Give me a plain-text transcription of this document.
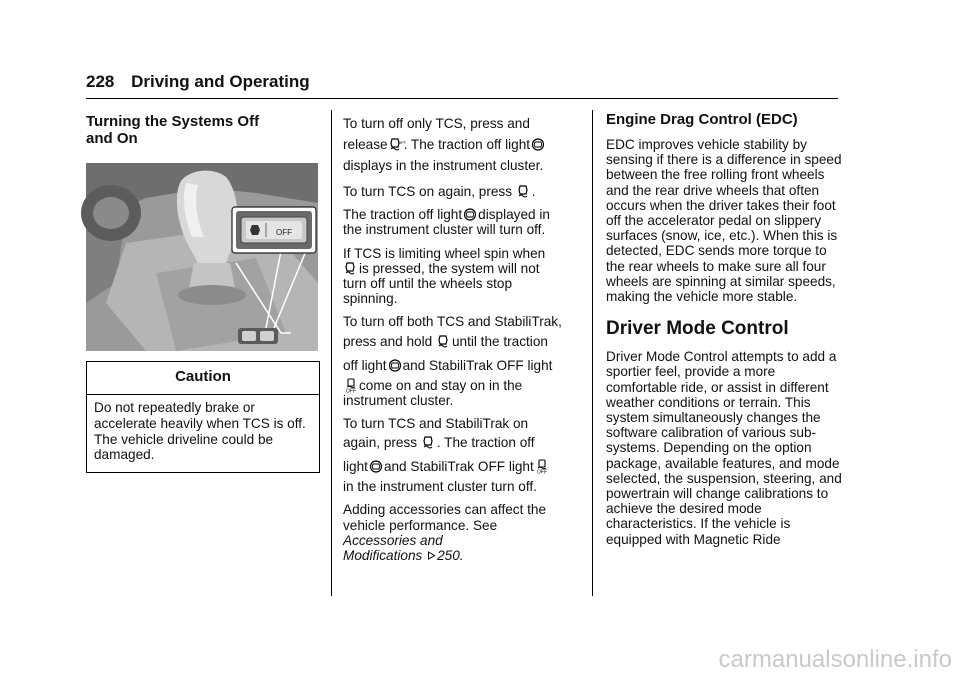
228 Driving and Operating
Turning the Systems Off
and On
OFF
Caution
Do not repeatedly brake or accelerate heavily when TCS is off. The vehicle driveline could be damaged.

To turn off only TCS, press and
release	OFF
. The traction off light

displays in the instrument cluster.

To turn TCS on again, press .

The traction off light displayed in
the instrument cluster will turn off.

If TCS is limiting wheel spin when

is pressed, the system will not
turn off until the wheels stop
spinning.

To turn off both TCS and StabiliTrak,
press and hold until the traction
off light and StabiliTrak OFF light

OFF come on and stay on in the
instrument cluster.

To turn TCS and StabiliTrak on
again, press . The traction off
light and StabiliTrak OFF light OFF

in the instrument cluster turn off.

Adding accessories can affect the
vehicle performance. See
Accessories and
Modifications 250.

Engine Drag Control (EDC)

EDC improves vehicle stability by sensing if there is a difference in speed between the free rolling front wheels and the rear drive wheels that often occurs when the driver takes their foot off the accelerator pedal on slippery surfaces (snow, ice, etc.). When this is detected, EDC sends more torque to the rear wheels to make sure all four wheels are spinning at similar speeds, making the vehicle more stable.

Driver Mode Control

Driver Mode Control attempts to add a sportier feel, provide a more comfortable ride, or assist in different weather conditions or terrain. This system simultaneously changes the software calibration of various sub-systems. Depending on the option package, available features, and mode selected, the suspension, steering, and powertrain will change calibrations to achieve the desired mode characteristics. If the vehicle is equipped with Magnetic Ride

carmanualsonline.info
